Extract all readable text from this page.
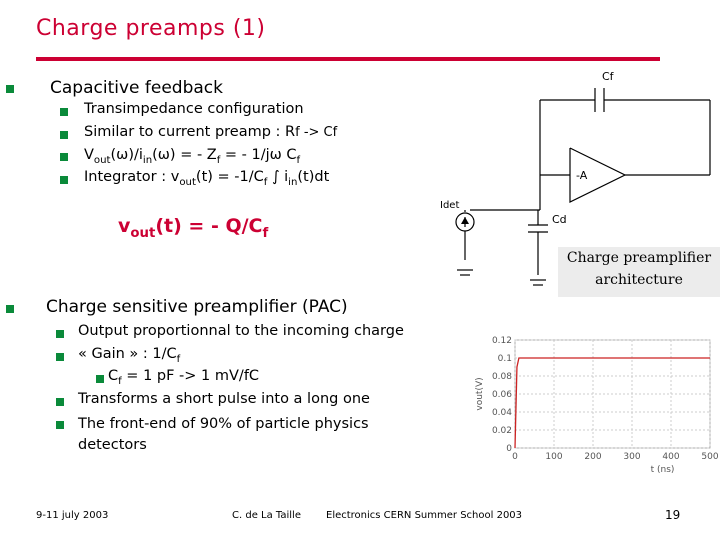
Charge preamps (1)
Capacitive feedback
Transimpedance configuration
Similar to current preamp : Rf -> Cf
$V_{out}(\omega)/i_{in}(\omega)$ = - $Z_f$ = - 1/jω $C_f$
Integrator : $v_{out}(t) = -1/C_f$ ∫ $i_{in}(t)dt$
$v_{out}(t)$ = - $Q/C_f$
Cf
Idet
Cd
-A
Charge preamplifier
architecture
Charge sensitive preamplifier (PAC)
Output proportionnal to the incoming charge
« Gain » : $1/C_f$
$C_f = 1$ pF -> 1 mV/fC
Transforms a short pulse into a long one
The front-end of 90% of particle physics detectors
0.12
0.1
0.08
0.06
0.04
0.02
0
0	100 200 300 400 500
vout(V)
t (ns)
9-11 july 2003	C. de La Taille	Electronics CERN Summer School 2003	19
